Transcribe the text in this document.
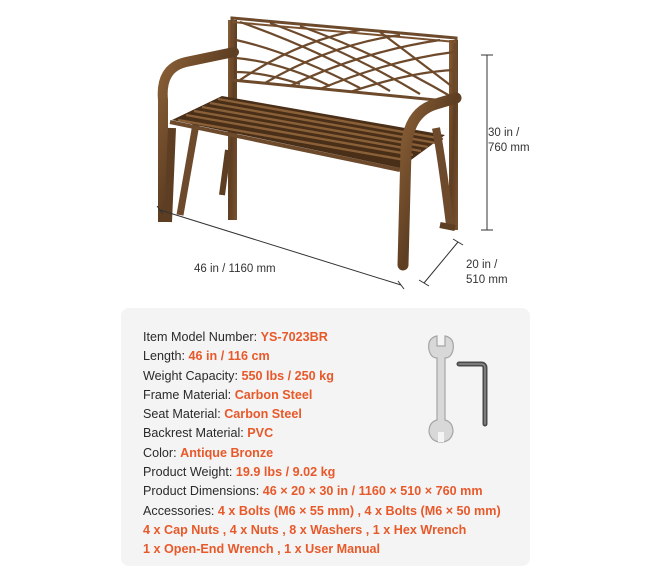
46 in / 1160 mm
30 in /
760 mm
20 in /
510 mm
Item Model Number: YS-7023BR
Length: 46 in / 116 cm
Weight Capacity: 550 lbs / 250 kg
Frame Material: Carbon Steel
Seat Material: Carbon Steel
Backrest Material: PVC
Color: Antique Bronze
Product Weight: 19.9 lbs / 9.02 kg
Product Dimensions: 46 × 20 × 30 in / 1160 × 510 × 760 mm
Accessories: 4 x Bolts (M6 × 55 mm) , 4 x Bolts (M6 × 50 mm)
4 x Cap Nuts , 4 x Nuts , 8 x Washers , 1 x Hex Wrench
1 x Open-End Wrench , 1 x User Manual
